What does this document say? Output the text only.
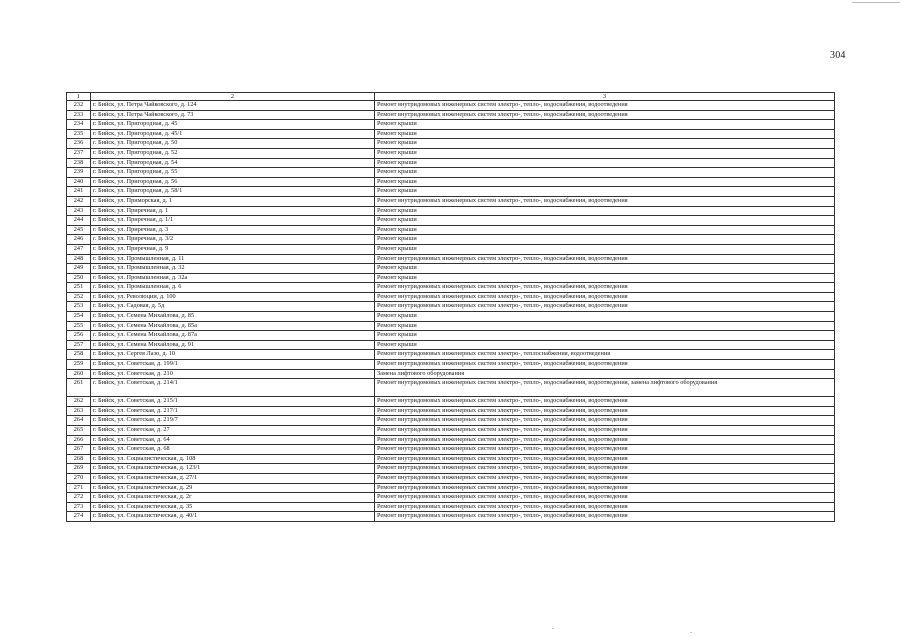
304
1	2	3
232	г. Бийск, ул. Петра Чайковского, д. 124	Ремонт внутридомовых инженерных систем электро-, тепло-, водоснабжения, водоотведения
233	г. Бийск, ул. Петра Чайковского, д. 73	Ремонт внутридомовых инженерных систем электро-, тепло-, водоснабжения, водоотведения
234	г. Бийск, ул. Пригородная, д. 45	Ремонт крыши
235	г. Бийск, ул. Пригородная, д. 45/1	Ремонт крыши
236	г. Бийск, ул. Пригородная, д. 50	Ремонт крыши
237	г. Бийск, ул. Пригородная, д. 52	Ремонт крыши
238	г. Бийск, ул. Пригородная, д. 54	Ремонт крыши
239	г. Бийск, ул. Пригородная, д. 55	Ремонт крыши
240	г. Бийск, ул. Пригородная, д. 56	Ремонт крыши
241	г. Бийск, ул. Пригородная, д. 58/1	Ремонт крыши
242	г. Бийск, ул. Приморская, д. 1	Ремонт внутридомовых инженерных систем электро-, тепло-, водоснабжения, водоотведения
243	г. Бийск, ул. Приречная, д. 1	Ремонт крыши
244	г. Бийск, ул. Приречная, д. 1/1	Ремонт крыши
245	г. Бийск, ул. Приречная, д. 3	Ремонт крыши
246	г. Бийск, ул. Приречная, д. 3/2	Ремонт крыши
247	г. Бийск, ул. Приречная, д. 9	Ремонт крыши
248	г. Бийск, ул. Промышленная, д. 11	Ремонт внутридомовых инженерных систем электро-, тепло-, водоснабжения, водоотведения
249	г. Бийск, ул. Промышленная, д. 32	Ремонт крыши
250	г. Бийск, ул. Промышленная, д. 32а	Ремонт крыши
251	г. Бийск, ул. Промышленная, д. 6	Ремонт внутридомовых инженерных систем электро-, тепло-, водоснабжения, водоотведения
252	г. Бийск, ул. Революции, д. 100	Ремонт внутридомовых инженерных систем электро-, тепло-, водоснабжения, водоотведения
253	г. Бийск, ул. Садовая, д. 5д	Ремонт внутридомовых инженерных систем электро-, тепло-, водоснабжения, водоотведения
254	г. Бийск, ул. Семена Михайлова, д. 85	Ремонт крыши
255	г. Бийск, ул. Семена Михайлова, д. 85а	Ремонт крыши
256	г. Бийск, ул. Семена Михайлова, д. 87а	Ремонт крыши
257	г. Бийск, ул. Семена Михайлова, д. 91	Ремонт крыши
258	г. Бийск, ул. Сергея Лазо, д. 10	Ремонт внутридомовых инженерных систем электро-, теплоснабжения, водоотведения
259	г. Бийск, ул. Советская, д. 199/1	Ремонт внутридомовых инженерных систем электро-, тепло-, водоснабжения, водоотведения
260	г. Бийск, ул. Советская, д. 210	Замена лифтового оборудования
261	г. Бийск, ул. Советская, д. 214/1	Ремонт внутридомовых инженерных систем электро-, тепло-, водоснабжения, водоотведения, замена лифтового оборудования
262	г. Бийск, ул. Советская, д. 215/1	Ремонт внутридомовых инженерных систем электро-, тепло-, водоснабжения, водоотведения
263	г. Бийск, ул. Советская, д. 217/1	Ремонт внутридомовых инженерных систем электро-, тепло-, водоснабжения, водоотведения
264	г. Бийск, ул. Советская, д. 219/7	Ремонт внутридомовых инженерных систем электро-, тепло-, водоснабжения, водоотведения
265	г. Бийск, ул. Советская, д. 27	Ремонт внутридомовых инженерных систем электро-, тепло-, водоснабжения, водоотведения
266	г. Бийск, ул. Советская, д. 64	Ремонт внутридомовых инженерных систем электро-, тепло-, водоснабжения, водоотведения
267	г. Бийск, ул. Советская, д. 68	Ремонт внутридомовых инженерных систем электро-, тепло-, водоснабжения, водоотведения
268	г. Бийск, ул. Социалистическая, д. 108	Ремонт внутридомовых инженерных систем электро-, тепло-, водоснабжения, водоотведения
269	г. Бийск, ул. Социалистическая, д. 123/1	Ремонт внутридомовых инженерных систем электро-, тепло-, водоснабжения, водоотведения
270	г. Бийск, ул. Социалистическая, д. 27/1	Ремонт внутридомовых инженерных систем электро-, тепло-, водоснабжения, водоотведения
271	г. Бийск, ул. Социалистическая, д. 29	Ремонт внутридомовых инженерных систем электро-, тепло-, водоснабжения, водоотведения
272	г. Бийск, ул. Социалистическая, д. 2г	Ремонт внутридомовых инженерных систем электро-, тепло-, водоснабжения, водоотведения
273	г. Бийск, ул. Социалистическая, д. 35	Ремонт внутридомовых инженерных систем электро-, тепло-, водоснабжения, водоотведения
274	г. Бийск, ул. Социалистическая, д. 40/1	Ремонт внутридомовых инженерных систем электро-, тепло-, водоснабжения, водоотведения
